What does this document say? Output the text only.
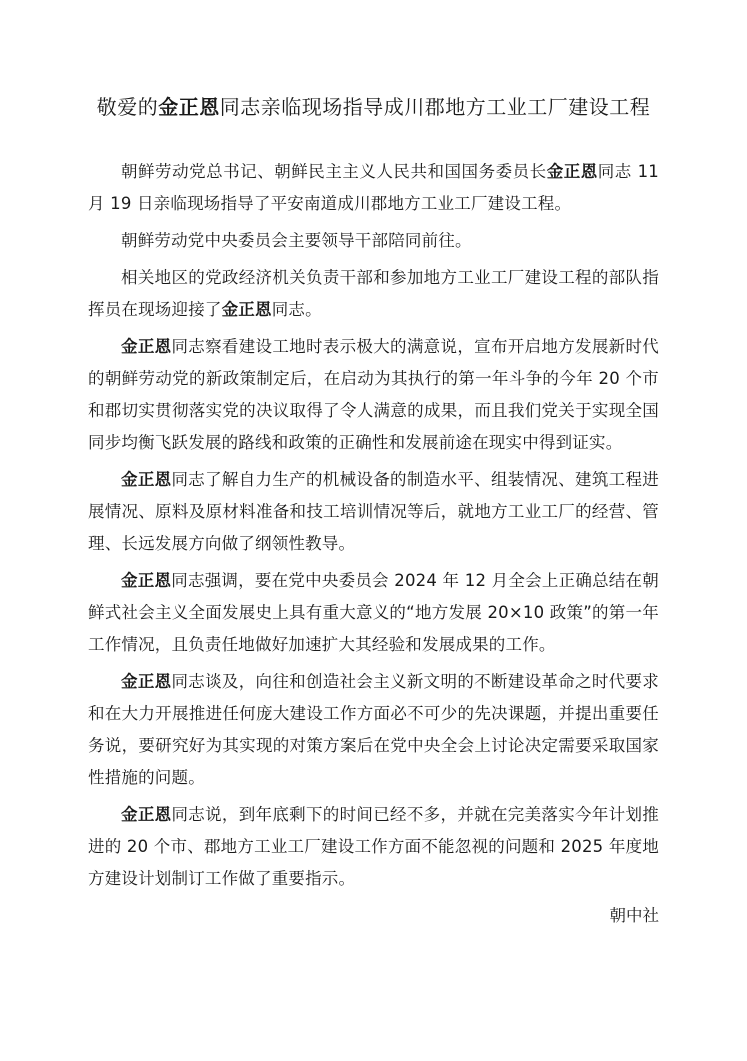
敬爱的金正恩同志亲临现场指导成川郡地方工业工厂建设工程

朝鲜劳动党总书记、朝鲜民主主义人民共和国国务委员长金正恩同志 11 月 19 日亲临现场指导了平安南道成川郡地方工业工厂建设工程。

朝鲜劳动党中央委员会主要领导干部陪同前往。

相关地区的党政经济机关负责干部和参加地方工业工厂建设工程的部队指挥员在现场迎接了金正恩同志。

金正恩同志察看建设工地时表示极大的满意说，宣布开启地方发展新时代的朝鲜劳动党的新政策制定后，在启动为其执行的第一年斗争的今年 20 个市和郡切实贯彻落实党的决议取得了令人满意的成果，而且我们党关于实现全国同步均衡飞跃发展的路线和政策的正确性和发展前途在现实中得到证实。

金正恩同志了解自力生产的机械设备的制造水平、组装情况、建筑工程进展情况、原料及原材料准备和技工培训情况等后，就地方工业工厂的经营、管理、长远发展方向做了纲领性教导。

金正恩同志强调，要在党中央委员会 2024 年 12 月全会上正确总结在朝鲜式社会主义全面发展史上具有重大意义的“地方发展 20×10 政策”的第一年工作情况，且负责任地做好加速扩大其经验和发展成果的工作。

金正恩同志谈及，向往和创造社会主义新文明的不断建设革命之时代要求和在大力开展推进任何庞大建设工作方面必不可少的先决课题，并提出重要任务说，要研究好为其实现的对策方案后在党中央全会上讨论决定需要采取国家性措施的问题。

金正恩同志说，到年底剩下的时间已经不多，并就在完美落实今年计划推进的 20 个市、郡地方工业工厂建设工作方面不能忽视的问题和 2025 年度地方建设计划制订工作做了重要指示。

朝中社
